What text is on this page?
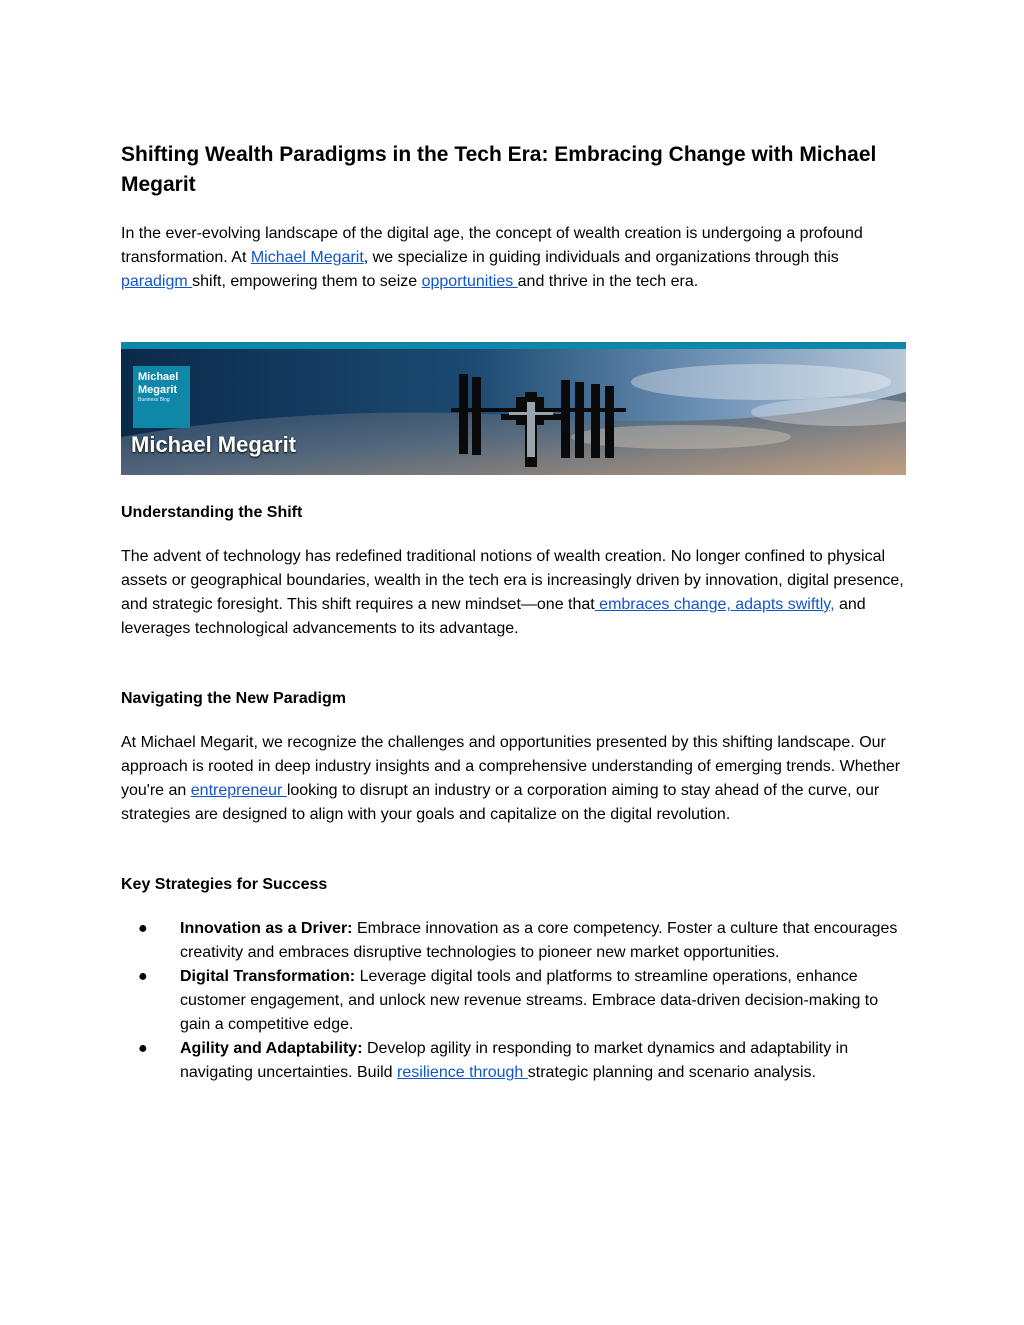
Shifting Wealth Paradigms in the Tech Era: Embracing Change with Michael Megarit

In the ever-evolving landscape of the digital age, the concept of wealth creation is undergoing a profound transformation. At Michael Megarit, we specialize in guiding individuals and organizations through this paradigm shift, empowering them to seize opportunities and thrive in the tech era.

Michael
Megarit
Business Blog
Michael Megarit
Understanding the Shift

The advent of technology has redefined traditional notions of wealth creation. No longer confined to physical assets or geographical boundaries, wealth in the tech era is increasingly driven by innovation, digital presence, and strategic foresight. This shift requires a new mindset—one that embraces change, adapts swiftly, and leverages technological advancements to its advantage.

Navigating the New Paradigm

At Michael Megarit, we recognize the challenges and opportunities presented by this shifting landscape. Our approach is rooted in deep industry insights and a comprehensive understanding of emerging trends. Whether you're an entrepreneur looking to disrupt an industry or a corporation aiming to stay ahead of the curve, our strategies are designed to align with your goals and capitalize on the digital revolution.

Key Strategies for Success
● Innovation as a Driver: Embrace innovation as a core competency. Foster a culture that encourages creativity and embraces disruptive technologies to pioneer new market opportunities.
● Digital Transformation: Leverage digital tools and platforms to streamline operations, enhance customer engagement, and unlock new revenue streams. Embrace data-driven decision-making to gain a competitive edge.
● Agility and Adaptability: Develop agility in responding to market dynamics and adaptability in navigating uncertainties. Build resilience through strategic planning and scenario analysis.
